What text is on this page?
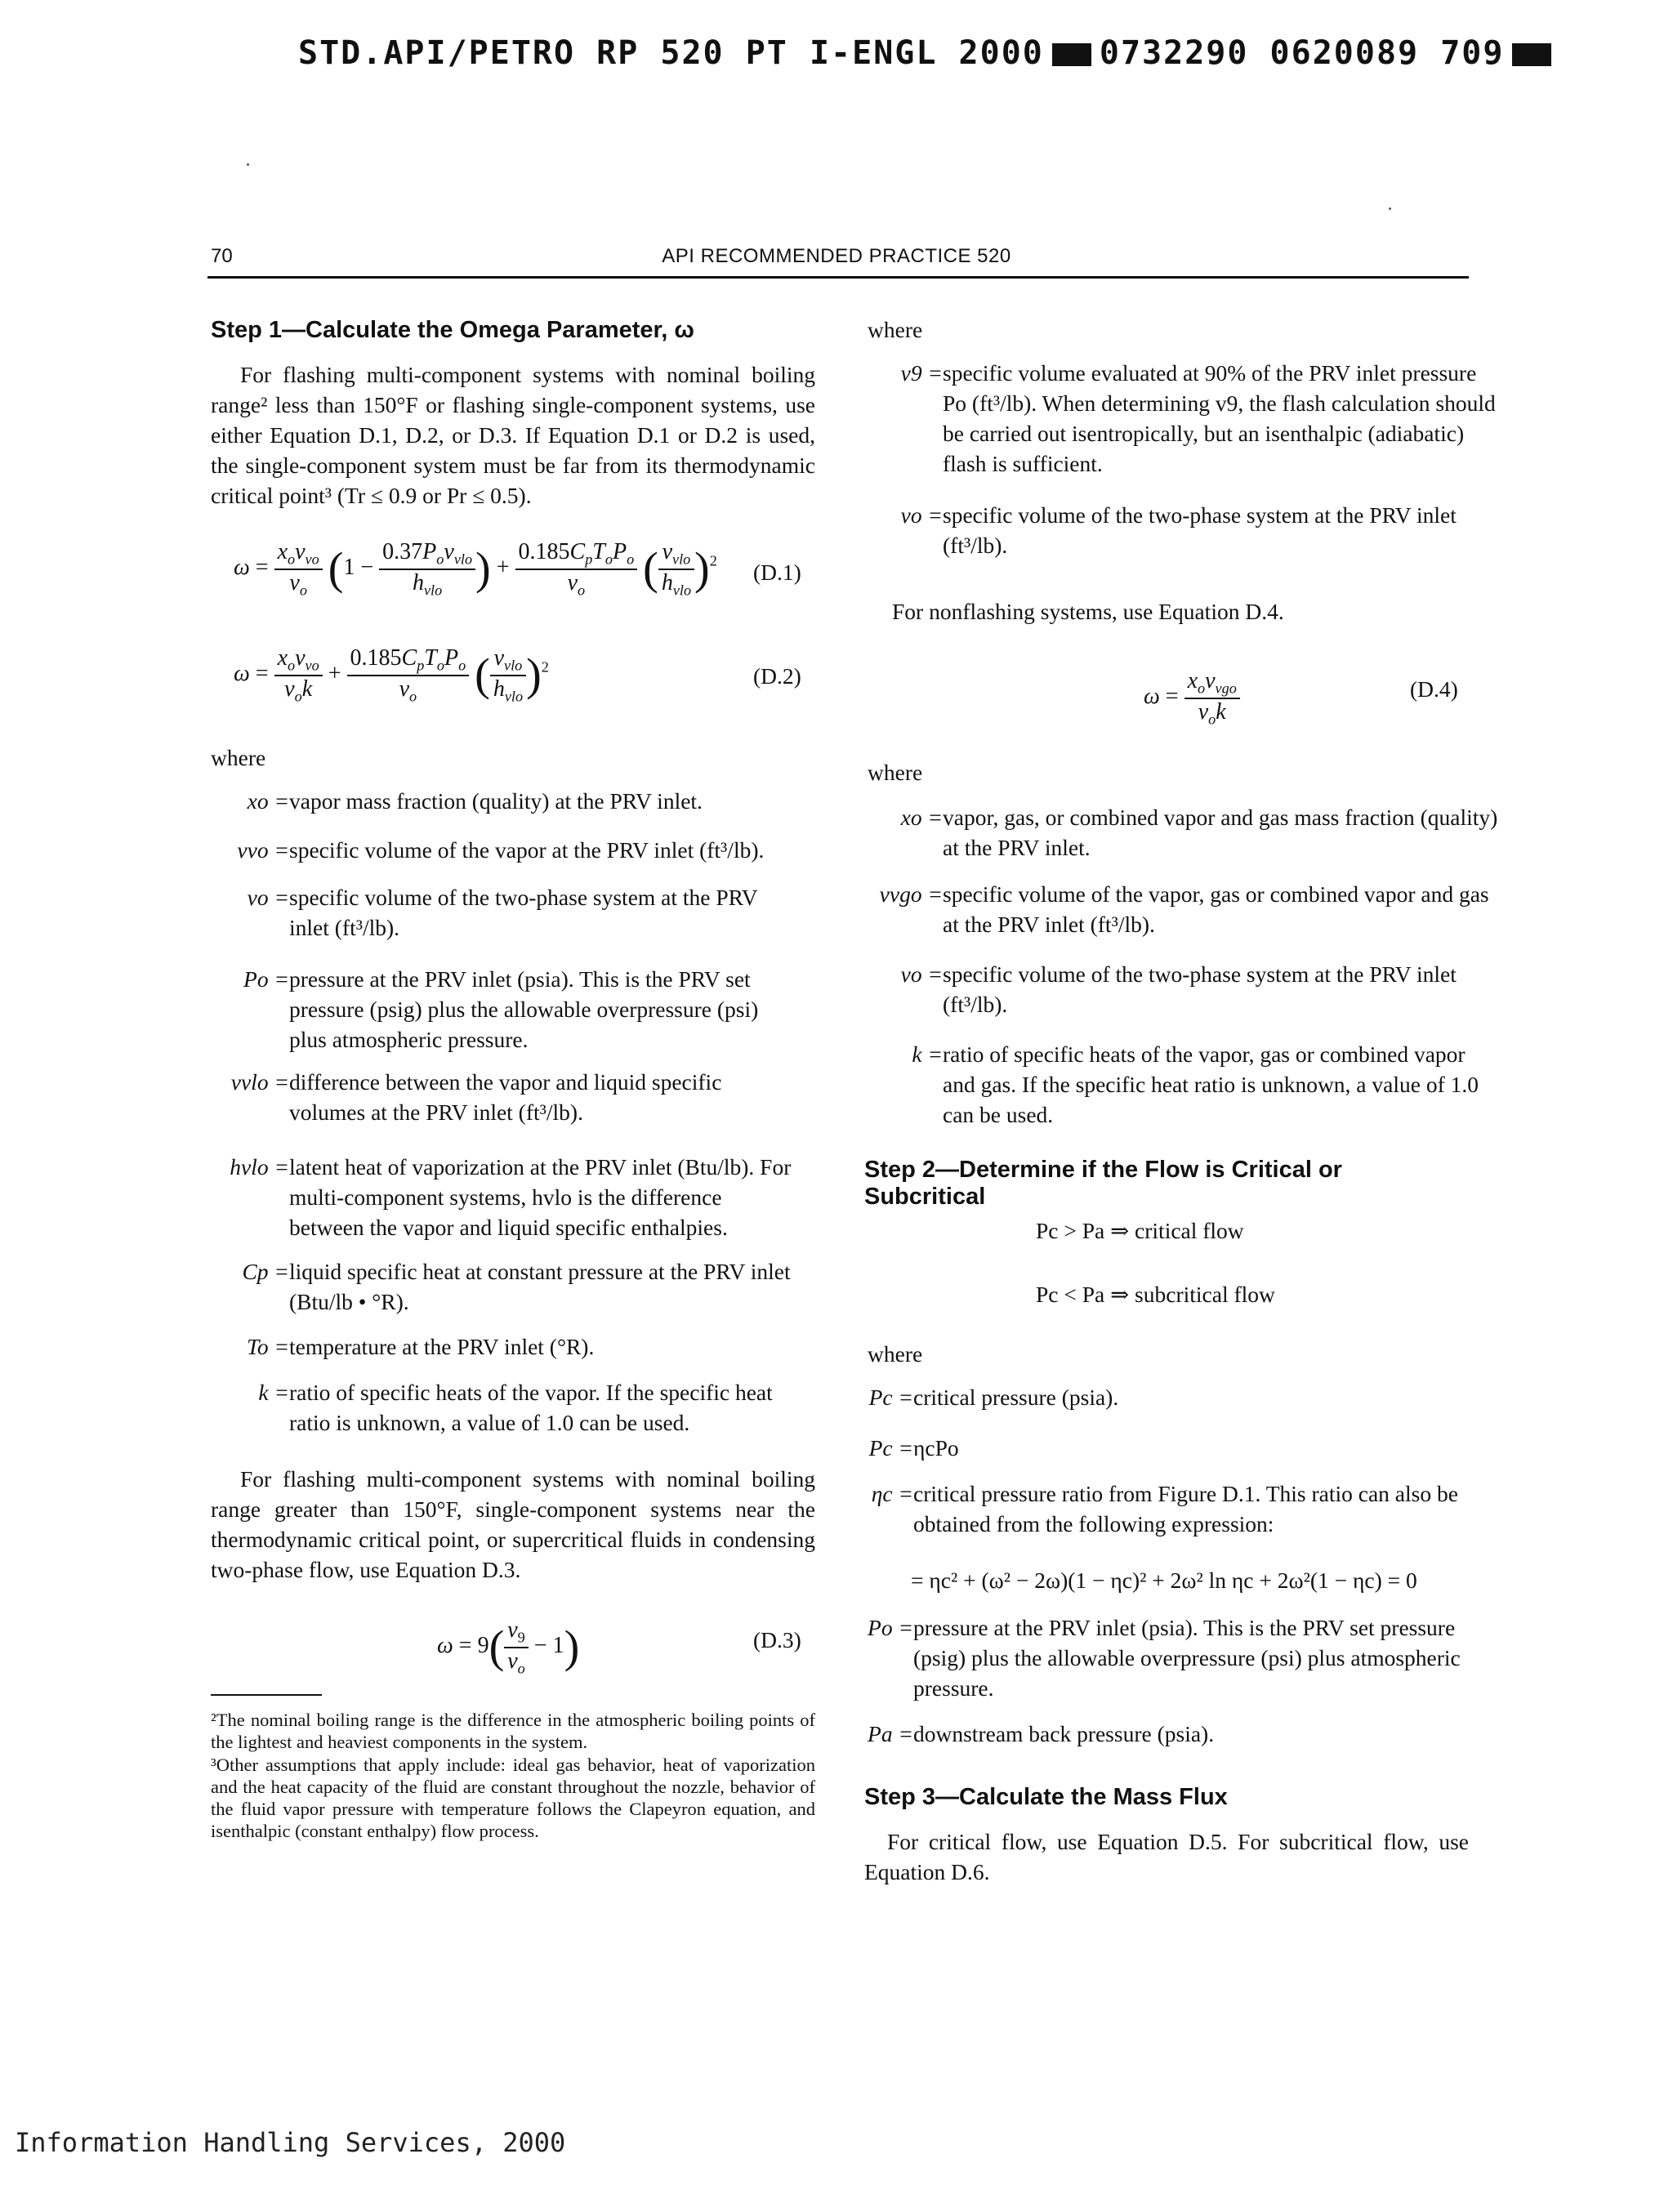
STD.API/PETRO RP 520 PT I-ENGL 2000 0732290 0620089 709
70	API RECOMMENDED PRACTICE 520
Step 1—Calculate the Omega Parameter, ω
For flashing multi-component systems with nominal boiling range² less than 150°F or flashing single-component systems, use either Equation D.1, D.2, or D.3. If Equation D.1 or D.2 is used, the single-component system must be far from its thermodynamic critical point³ (Tr ≤ 0.9 or Pr ≤ 0.5).
$\omega = \frac{x_ov_{vo}}{v_o} (1 - \frac{0.37P_ov_{vlo}}{h_{vlo}}$ ) + $\frac{0.185C_pT_oP_o}{v_o}$ ( $\frac{v_{vlo}}{h_{vlo}} )^2$ (D.1)
$\omega = \frac{x_ov_{vo}}{v_ok} + \frac{0.185C_pT_oP_o}{v_o}$ ( $\frac{v_{vlo}}{h_{vlo}} )^2$	(D.2)
where
xo = vapor mass fraction (quality) at the PRV inlet.
vvo = specific volume of the vapor at the PRV inlet (ft³/lb).
vo = specific volume of the two-phase system at the PRV inlet (ft³/lb).
Po = pressure at the PRV inlet (psia). This is the PRV set pressure (psig) plus the allowable overpressure (psi) plus atmospheric pressure.
vvlo = difference between the vapor and liquid specific volumes at the PRV inlet (ft³/lb).
hvlo = latent heat of vaporization at the PRV inlet (Btu/lb). For multi-component systems, hvlo is the difference between the vapor and liquid specific enthalpies.
Cp = liquid specific heat at constant pressure at the PRV inlet (Btu/lb • °R).
To = temperature at the PRV inlet (°R).
k = ratio of specific heats of the vapor. If the specific heat ratio is unknown, a value of 1.0 can be used.
For flashing multi-component systems with nominal boiling range greater than 150°F, single-component systems near the thermodynamic critical point, or supercritical fluids in condensing two-phase flow, use Equation D.3.
$\omega = 9( \frac{v_9}{v_o} - 1)$	(D.3)
²The nominal boiling range is the difference in the atmospheric boiling points of the lightest and heaviest components in the system.
³Other assumptions that apply include: ideal gas behavior, heat of vaporization and the heat capacity of the fluid are constant throughout the nozzle, behavior of the fluid vapor pressure with temperature follows the Clapeyron equation, and isenthalpic (constant enthalpy) flow process.
where
v9 = specific volume evaluated at 90% of the PRV inlet pressure Po (ft³/lb). When determining v9, the flash calculation should be carried out isentropically, but an isenthalpic (adiabatic) flash is sufficient.
vo = specific volume of the two-phase system at the PRV inlet (ft³/lb).
For nonflashing systems, use Equation D.4.
$\omega = \frac{x_ov_{vgo}}{v_ok}$	(D.4)
where
xo = vapor, gas, or combined vapor and gas mass fraction (quality) at the PRV inlet.
vvgo = specific volume of the vapor, gas or combined vapor and gas at the PRV inlet (ft³/lb).
vo = specific volume of the two-phase system at the PRV inlet (ft³/lb).
k = ratio of specific heats of the vapor, gas or combined vapor and gas. If the specific heat ratio is unknown, a value of 1.0 can be used.
Step 2—Determine if the Flow is Critical or Subcritical
Pc > Pa ⇒ critical flow
Pc < Pa ⇒ subcritical flow
where
Pc = critical pressure (psia).
Pc = ηcPo
ηc = critical pressure ratio from Figure D.1. This ratio can also be obtained from the following expression:
= ηc² + (ω² − 2ω)(1 − ηc)² + 2ω² ln ηc + 2ω²(1 − ηc) = 0
Po = pressure at the PRV inlet (psia). This is the PRV set pressure (psig) plus the allowable overpressure (psi) plus atmospheric pressure.
Pa = downstream back pressure (psia).
Step 3—Calculate the Mass Flux
For critical flow, use Equation D.5. For subcritical flow, use Equation D.6.
Information Handling Services, 2000
